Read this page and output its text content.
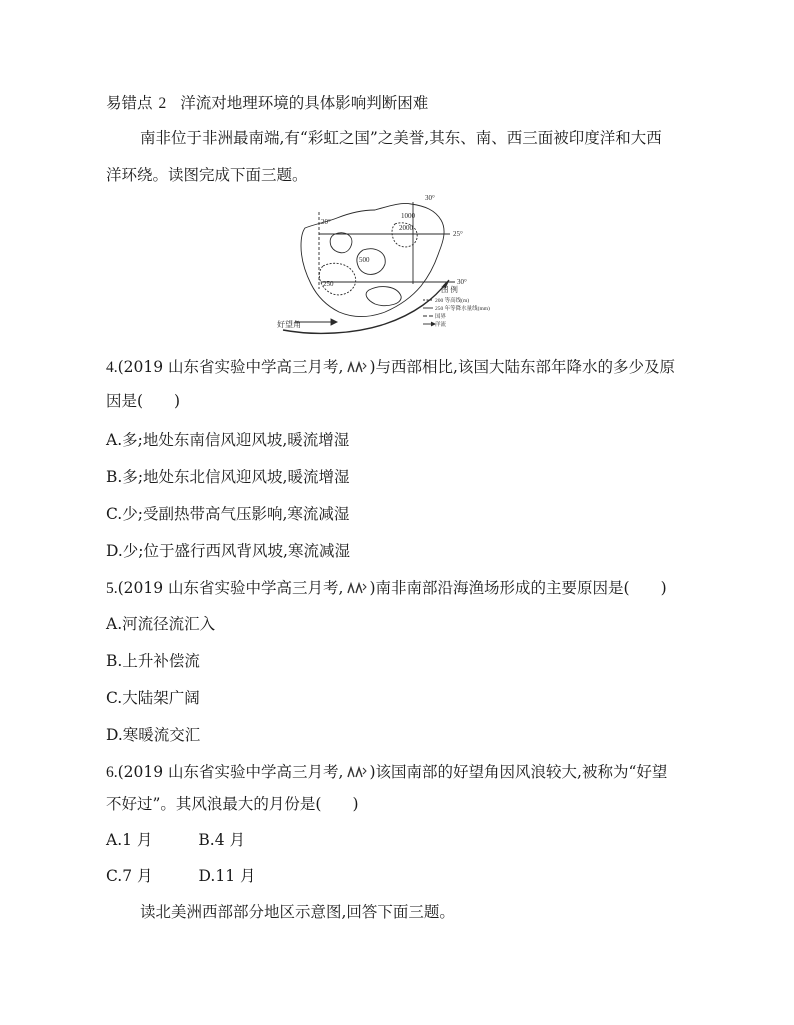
易错点 2 洋流对地理环境的具体影响判断困难
南非位于非洲最南端,有“彩虹之国”之美誉,其东、南、西三面被印度洋和大西
洋环绕。读图完成下面三题。
30°
25°
30°
20°
1000
500
250
2000
好望角
图 例
200 等高线(m)
250 年等降水量线(mm)
国界
洋流
4.(2019 山东省实验中学高三月考, )与西部相比,该国大陆东部年降水的多少及原
因是(　　)
A.多;地处东南信风迎风坡,暖流增湿
B.多;地处东北信风迎风坡,暖流增湿
C.少;受副热带高气压影响,寒流减湿
D.少;位于盛行西风背风坡,寒流减湿
5.(2019 山东省实验中学高三月考, )南非南部沿海渔场形成的主要原因是(　　)
A.河流径流汇入
B.上升补偿流
C.大陆架广阔
D.寒暖流交汇
6.(2019 山东省实验中学高三月考, )该国南部的好望角因风浪较大,被称为“好望
不好过”。其风浪最大的月份是(　　)
A.1 月	B.4 月
C.7 月	D.11 月
读北美洲西部部分地区示意图,回答下面三题。
